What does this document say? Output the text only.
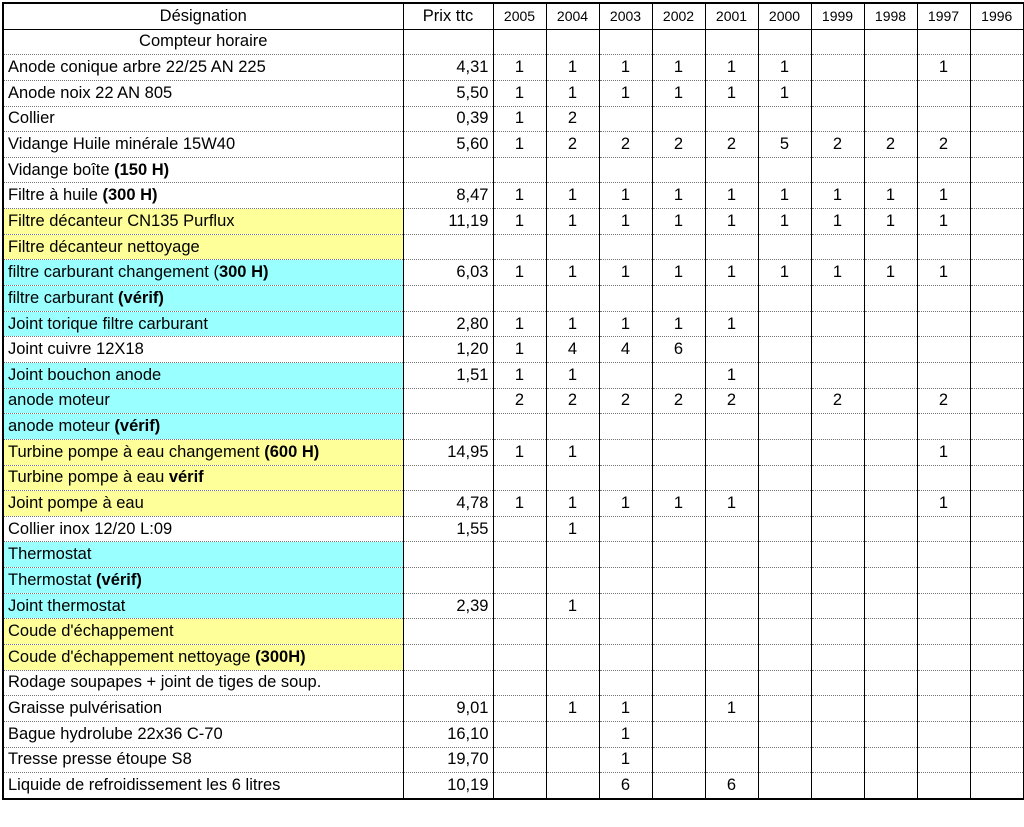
Désignation	Prix ttc	2005	2004	2003	2002	2001	2000	1999	1998	1997	1996
Compteur horaire											
Anode conique arbre 22/25 AN 225	4,31	1	1	1	1	1	1			1	
Anode noix 22 AN 805	5,50	1	1	1	1	1	1				
Collier	0,39	1	2								
Vidange Huile minérale 15W40	5,60	1	2	2	2	2	5	2	2	2	
Vidange boîte (150 H)											
Filtre à huile (300 H)	8,47	1	1	1	1	1	1	1	1	1	
Filtre décanteur CN135 Purflux	11,19	1	1	1	1	1	1	1	1	1	
Filtre décanteur nettoyage											
filtre carburant changement (300 H)	6,03	1	1	1	1	1	1	1	1	1	
filtre carburant (vérif)											
Joint torique filtre carburant	2,80	1	1	1	1	1					
Joint cuivre 12X18	1,20	1	4	4	6						
Joint bouchon anode	1,51	1	1			1					
anode moteur		2	2	2	2	2		2		2	
anode moteur (vérif)											
Turbine pompe à eau changement (600 H)	14,95	1	1							1	
Turbine pompe à eau vérif											
Joint pompe à eau	4,78	1	1	1	1	1				1	
Collier inox 12/20 L:09	1,55		1								
Thermostat											
Thermostat (vérif)											
Joint thermostat	2,39		1								
Coude d'échappement											
Coude d'échappement nettoyage (300H)											
Rodage soupapes + joint de tiges de soup.											
Graisse pulvérisation	9,01		1	1		1					
Bague hydrolube 22x36 C-70	16,10			1							
Tresse presse étoupe S8	19,70			1							
Liquide de refroidissement les 6 litres	10,19			6		6					
